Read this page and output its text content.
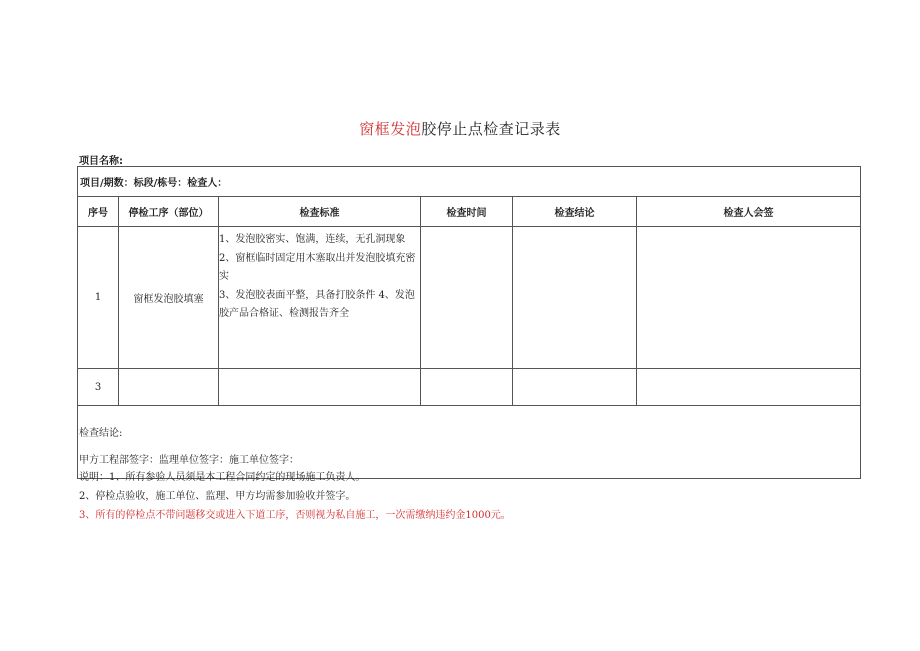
窗框发泡胶停止点检查记录表
项目名称:
项目/期数：标段/栋号：检查人：					
序号	停检工序（部位）	检查标准	检查时间	检查结论	检查人会签
1	窗框发泡胶填塞	1、发泡胶密实、饱满，连续，无孔洞现象
2、窗框临时固定用木塞取出并发泡胶填充密实
3、发泡胶表面平整，具备打胶条件 4、发泡胶产品合格证、检测报告齐全			

3					

检查结论:
甲方工程部签字：监理单位签字：施工单位签字：					
说明：1、所有参验人员须是本工程合同约定的现场施工负责人。
2、停检点验收，施工单位、监理、甲方均需参加验收并签字。
3、所有的停检点不带问题移交或进入下道工序，否则视为私自施工，一次需缴纳违约金1000元。
